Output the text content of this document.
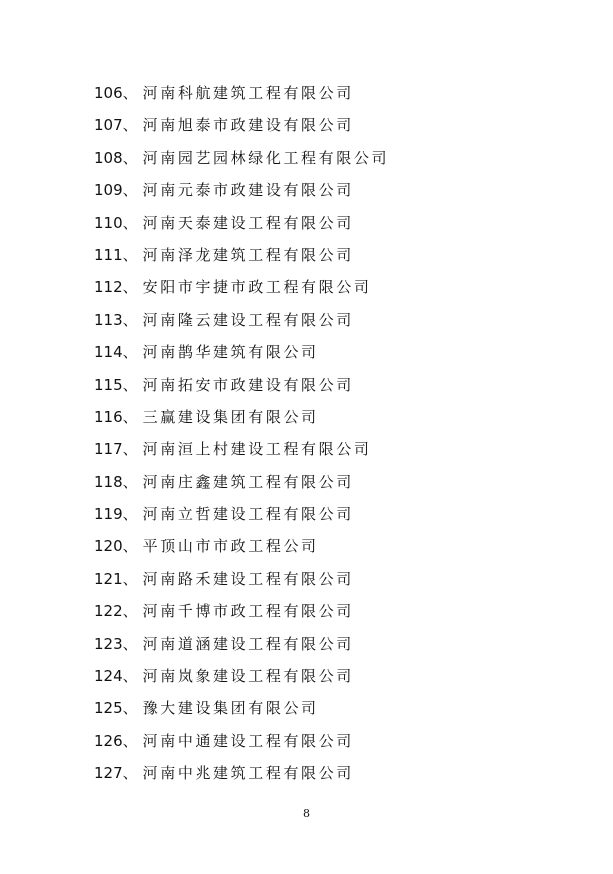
106、 河南科航建筑工程有限公司
107、 河南旭泰市政建设有限公司
108、 河南园艺园林绿化工程有限公司
109、 河南元泰市政建设有限公司
110、 河南天泰建设工程有限公司
111、 河南泽龙建筑工程有限公司
112、 安阳市宇捷市政工程有限公司
113、 河南隆云建设工程有限公司
114、 河南鹊华建筑有限公司
115、 河南拓安市政建设有限公司
116、 三赢建设集团有限公司
117、 河南洹上村建设工程有限公司
118、 河南庄鑫建筑工程有限公司
119、 河南立哲建设工程有限公司
120、 平顶山市市政工程公司
121、 河南路禾建设工程有限公司
122、 河南千博市政工程有限公司
123、 河南道涵建设工程有限公司
124、 河南岚象建设工程有限公司
125、 豫大建设集团有限公司
126、 河南中通建设工程有限公司
127、 河南中兆建筑工程有限公司
8
